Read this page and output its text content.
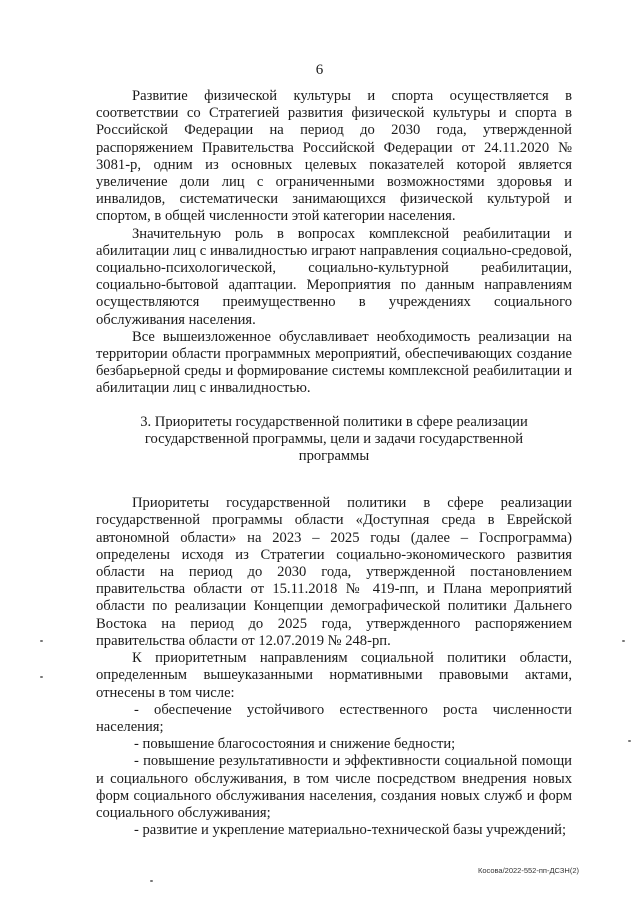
6

Развитие физической культуры и спорта осуществляется в соответствии со Стратегией развития физической культуры и спорта в Российской Федерации на период до 2030 года, утвержденной распоряжением Правительства Российской Федерации от 24.11.2020 № 3081-р, одним из основных целевых показателей которой является увеличение доли лиц с ограниченными возможностями здоровья и инвалидов, систематически занимающихся физической культурой и спортом, в общей численности этой категории населения.

Значительную роль в вопросах комплексной реабилитации и абилитации лиц с инвалидностью играют направления социально-средовой, социально-психологической, социально-культурной реабилитации, социально-бытовой адаптации. Мероприятия по данным направлениям осуществляются преимущественно в учреждениях социального обслуживания населения.

Все вышеизложенное обуславливает необходимость реализации на территории области программных мероприятий, обеспечивающих создание безбарьерной среды и формирование системы комплексной реабилитации и абилитации лиц с инвалидностью.

3. Приоритеты государственной политики в сфере реализации
государственной программы, цели и задачи государственной
программы

Приоритеты государственной политики в сфере реализации государственной программы области «Доступная среда в Еврейской автономной области» на 2023 – 2025 годы (далее – Госпрограмма) определены исходя из Стратегии социально-экономического развития области на период до 2030 года, утвержденной постановлением правительства области от 15.11.2018 № 419-пп, и Плана мероприятий области по реализации Концепции демографической политики Дальнего Востока на период до 2025 года, утвержденного распоряжением правительства области от 12.07.2019 № 248-рп.

К приоритетным направлениям социальной политики области, определенным вышеуказанными нормативными правовыми актами, отнесены в том числе:

- обеспечение устойчивого естественного роста численности населения;

- повышение благосостояния и снижение бедности;

- повышение результативности и эффективности социальной помощи и социального обслуживания, в том числе посредством внедрения новых форм социального обслуживания населения, создания новых служб и форм социального обслуживания;

- развитие и укрепление материально-технической базы учреждений;

Косова/2022-552-пп-ДСЗН(2)
